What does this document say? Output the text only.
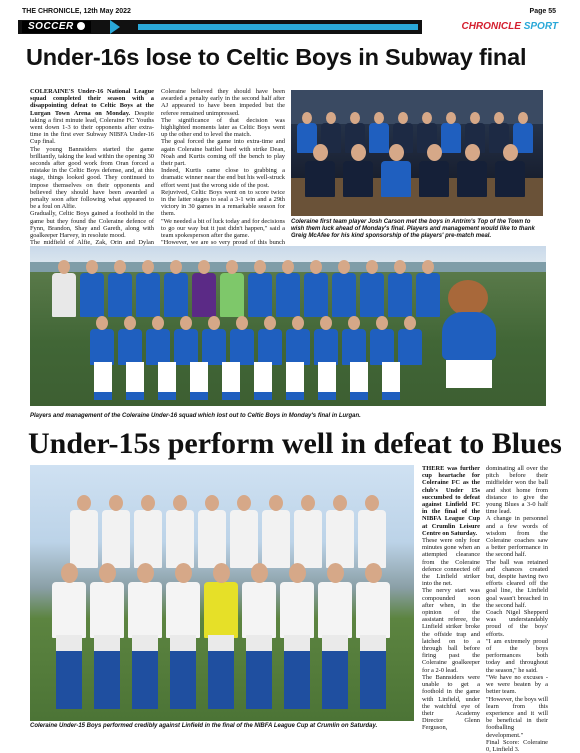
THE CHRONICLE, 12th May 2022	Page 55
SOCCER	CHRONICLE SPORT
Under-16s lose to Celtic Boys in Subway final

COLERAINE'S Under-16 National League squad completed their season with a disappointing defeat to Celtic Boys at the Lurgan Town Arena on Monday. Despite taking a first minute lead, Coleraine FC Youths went down 1-3 to their opponents after extra-time in the first ever Subway NIBFA Under-16 Cup final.

The young Bannsiders started the game brilliantly, taking the lead within the opening 30 seconds after good work from Oran forced a mistake in the Celtic Boys defense, and, at this stage, things looked good. They continued to impose themselves on their opponents and believed they should have been awarded a penalty soon after following what appeared to be a foul on Alfie.

Gradually, Celtic Boys gained a foothold in the game but they found the Coleraine defence of Fynn, Brandon, Shay and Gareth, along with goalkeeper Harvey, in resolute mood.

The midfield of Alfie, Zak, Orin and Dylan

Coleraine believed they should have been awarded a penalty early in the second half after AJ appeared to have been impeded but the referee remained unimpressed.

The significance of that decision was highlighted moments later as Celtic Boys went up the other end to level the match.

The goal forced the game into extra-time and again Coleraine battled hard with strike Dean, Noah and Kurtis coming off the bench to play their part.

Indeed, Kurtis came close to grabbing a dramatic winner near the end but his well-struck effort went just the wrong side of the post.

Rejuvived, Celtic Boys went on to score twice in the latter stages to seal a 3-1 win and a 29th victory in 30 games in a remarkable season for them.

"We needed a bit of luck today and for decisions to go our way but it just didn't happen," said a team spokesperson after the game.

"However, we are so very proud of this bunch

Coleraine first team player Josh Carson met the boys in Antrim's Top of the Town to wish them luck ahead of Monday's final. Players and management would like to thank Greig McAfee for his kind sponsorship of the players' pre-match meal.
Players and management of the Coleraine Under-16 squad which lost out to Celtic Boys in Monday's final in Lurgan.
Under-15s perform well in defeat to Blues
Coleraine Under-15 Boys performed credibly against Linfield in the final of the NIBFA League Cup at Crumlin on Saturday.

THERE was further cup heartache for Coleraine FC as the club's Under 15s succumbed to defeat against Linfield FC in the final of the NIBFA League Cup at Crumlin Leisure Centre on Saturday.

These were only four minutes gone when an attempted clearance from the Coleraine defence connected off the Linfield striker into the net.

The nervy start was compounded soon after when, in the opinion of the assistant referee, the Linfield striker broke the offside trap and latched on to a through ball before firing past the Coleraine goalkeeper for a 2-0 lead.

The Bannsiders were unable to get a foothold in the game with Linfield, under the watchful eye of their Academy Director Glenn Ferguson,

dominating all over the pitch before their midfielder won the ball and shot home from distance to give the young Blues a 3-0 half time lead.

A change in personnel and a few words of wisdom from the Coleraine coaches saw a better performance in the second half.

The ball was retained and chances created but, despite having two efforts cleared off the goal line, the Linfield goal wasn't breached in the second half.

Coach Nigel Shepperd was understandably proud of the boys' efforts.

"I am extremely proud of the boys performances both today and throughout the season," he said.

"We have no excuses - we were beaten by a better team.

"However, the boys will learn from this experience and it will be beneficial in their footballing development."

Final Score: Coleraine 0, Linfield 3.
